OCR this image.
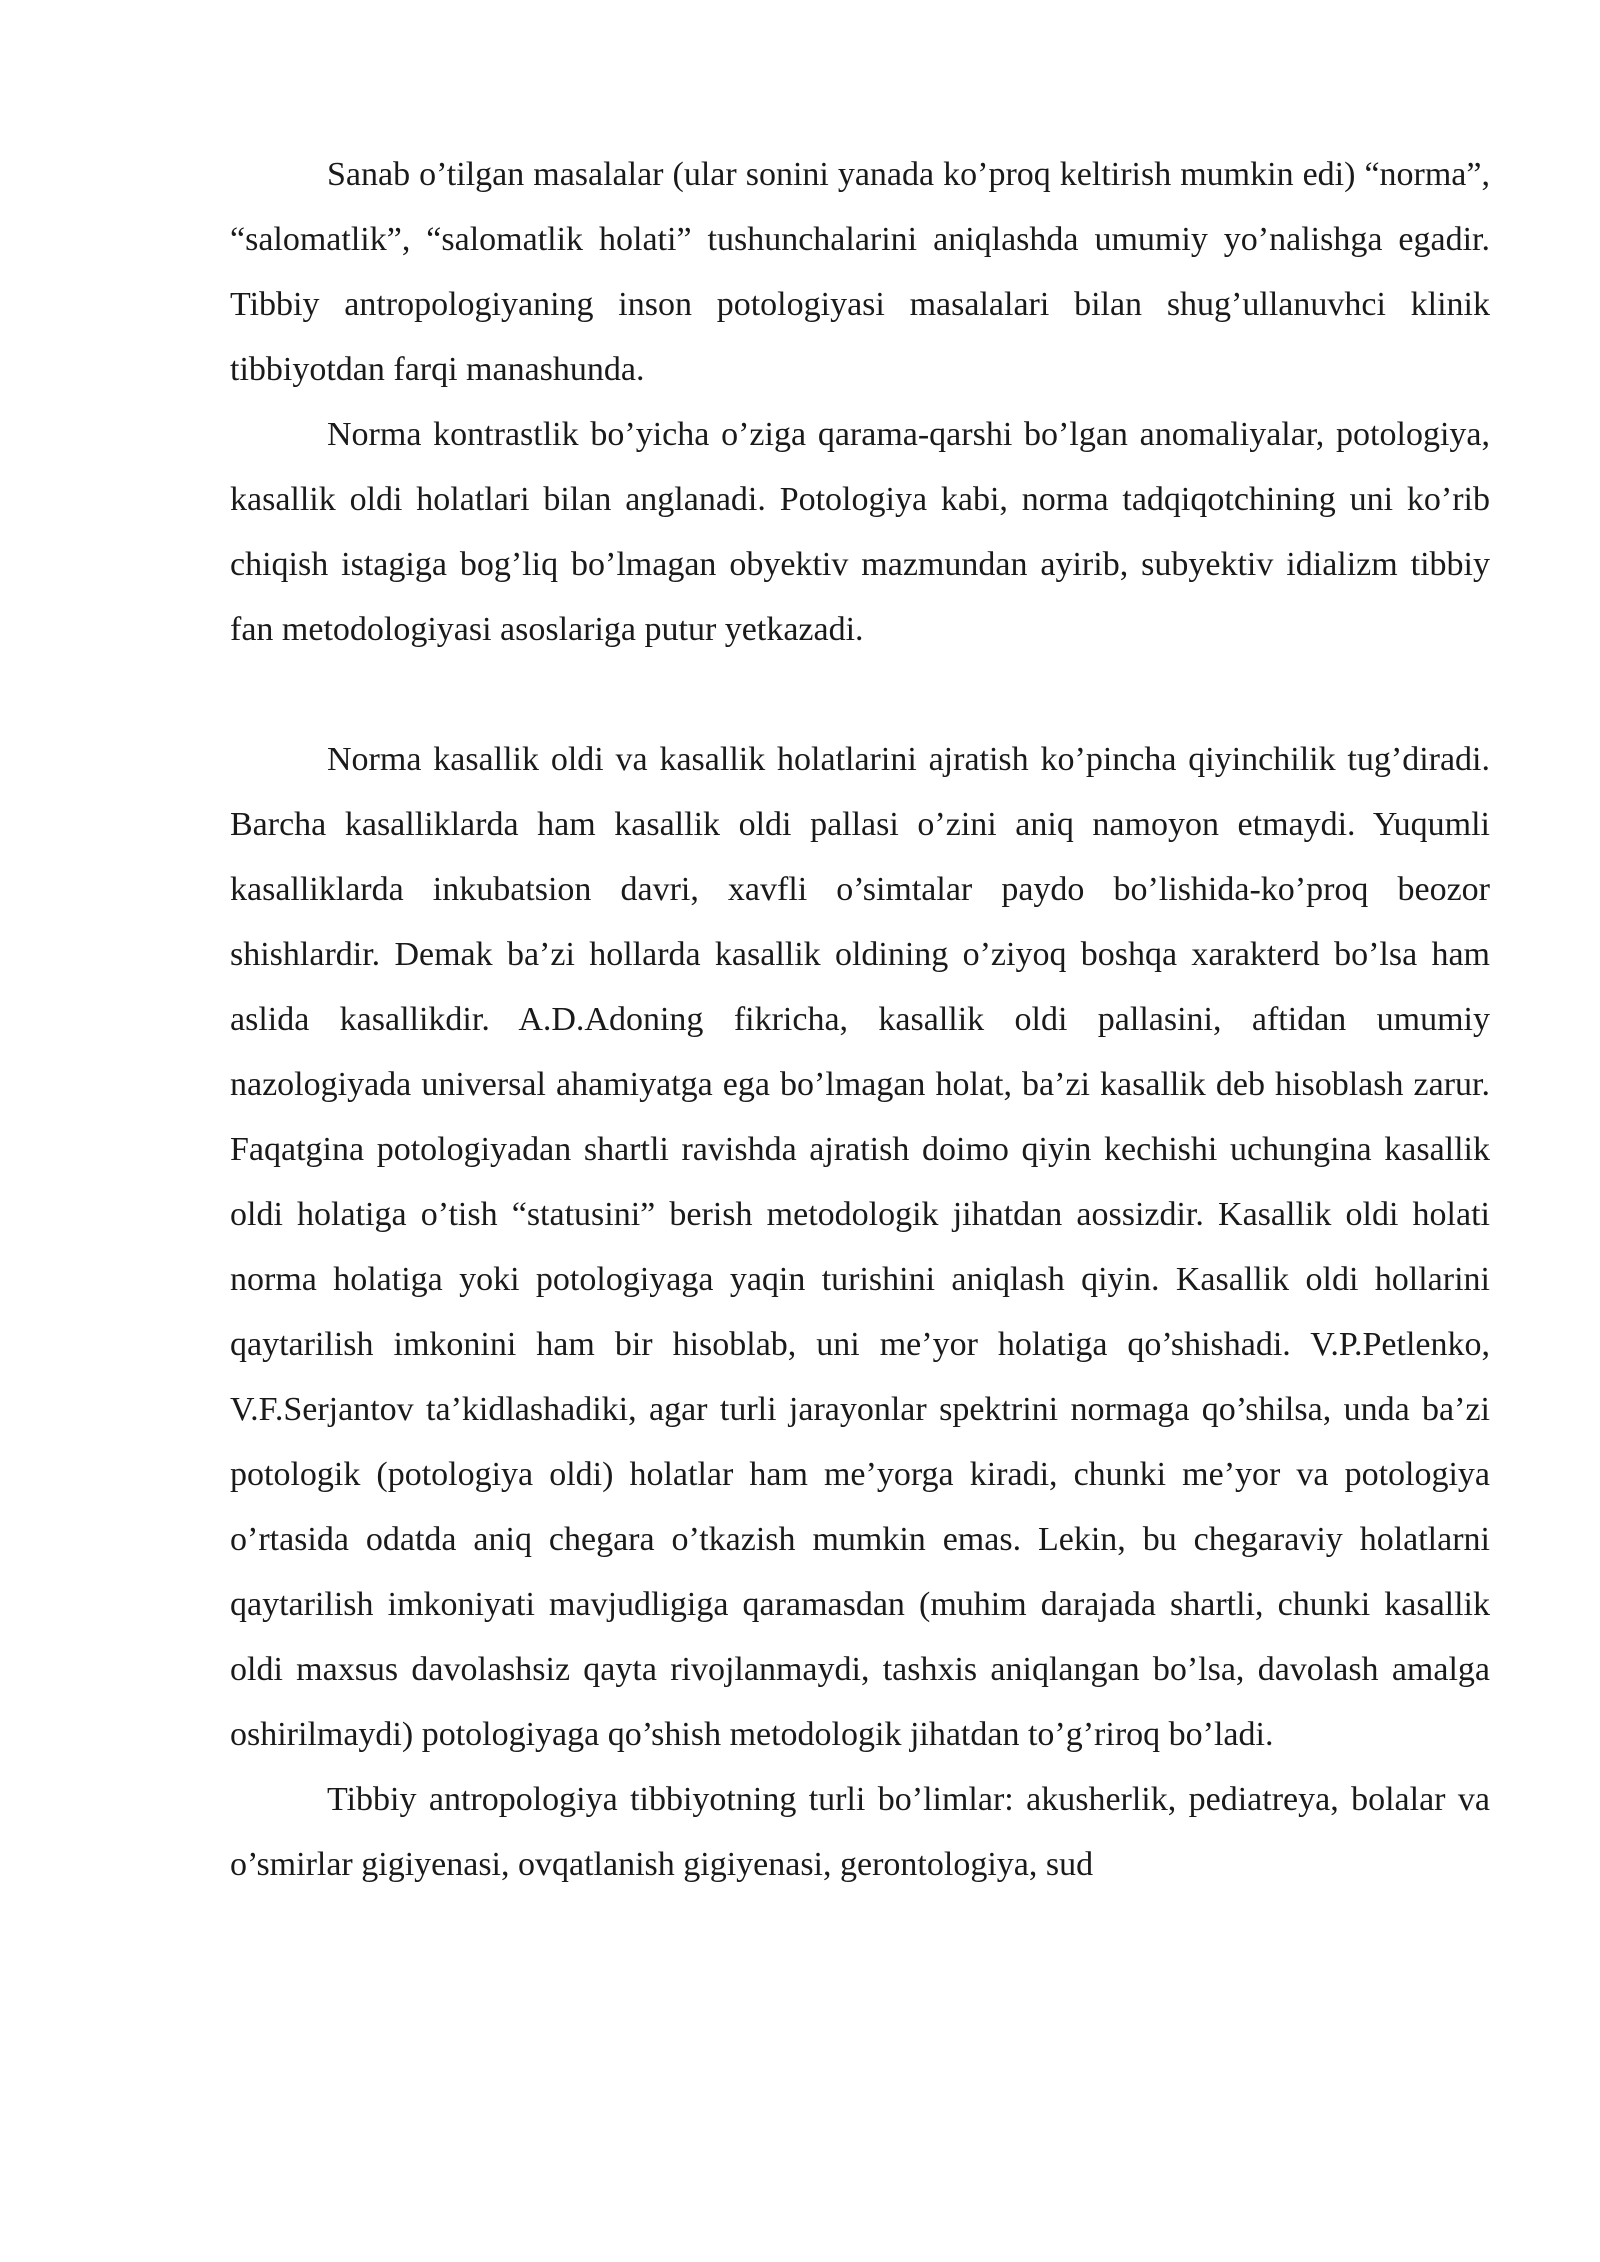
Sanab o’tilgan masalalar (ular sonini yanada ko’proq keltirish mumkin edi) “norma”, “salomatlik”, “salomatlik holati” tushunchalarini aniqlashda umumiy yo’nalishga egadir. Tibbiy antropologiyaning inson potologiyasi masalalari bilan shug’ullanuvhci klinik tibbiyotdan farqi manashunda.

Norma kontrastlik bo’yicha o’ziga qarama-qarshi bo’lgan anomaliyalar, potologiya, kasallik oldi holatlari bilan anglanadi. Potologiya kabi, norma tadqiqotchining uni ko’rib chiqish istagiga bog’liq bo’lmagan obyektiv mazmundan ayirib, subyektiv idializm tibbiy fan metodologiyasi asoslariga putur yetkazadi.

Norma kasallik oldi va kasallik holatlarini ajratish ko’pincha qiyinchilik tug’diradi. Barcha kasalliklarda ham kasallik oldi pallasi o’zini aniq namoyon etmaydi. Yuqumli kasalliklarda inkubatsion davri, xavfli o’simtalar paydo bo’lishida-ko’proq beozor shishlardir. Demak ba’zi hollarda kasallik oldining o’ziyoq boshqa xarakterd bo’lsa ham aslida kasallikdir. A.D.Adoning fikricha, kasallik oldi pallasini, aftidan umumiy nazologiyada universal ahamiyatga ega bo’lmagan holat, ba’zi kasallik deb hisoblash zarur. Faqatgina potologiyadan shartli ravishda ajratish doimo qiyin kechishi uchungina kasallik oldi holatiga o’tish “statusini” berish metodologik jihatdan aossizdir. Kasallik oldi holati norma holatiga yoki potologiyaga yaqin turishini aniqlash qiyin. Kasallik oldi hollarini qaytarilish imkonini ham bir hisoblab, uni me’yor holatiga qo’shishadi. V.P.Petlenko, V.F.Serjantov ta’kidlashadiki, agar turli jarayonlar spektrini normaga qo’shilsa, unda ba’zi potologik (potologiya oldi) holatlar ham me’yorga kiradi, chunki me’yor va potologiya o’rtasida odatda aniq chegara o’tkazish mumkin emas. Lekin, bu chegaraviy holatlarni qaytarilish imkoniyati mavjudligiga qaramasdan (muhim darajada shartli, chunki kasallik oldi maxsus davolashsiz qayta rivojlanmaydi, tashxis aniqlangan bo’lsa, davolash amalga oshirilmaydi) potologiyaga qo’shish metodologik jihatdan to’g’riroq bo’ladi.

Tibbiy antropologiya tibbiyotning turli bo’limlar: akusherlik, pediatreya, bolalar va o’smirlar gigiyenasi, ovqatlanish gigiyenasi, gerontologiya, sud
